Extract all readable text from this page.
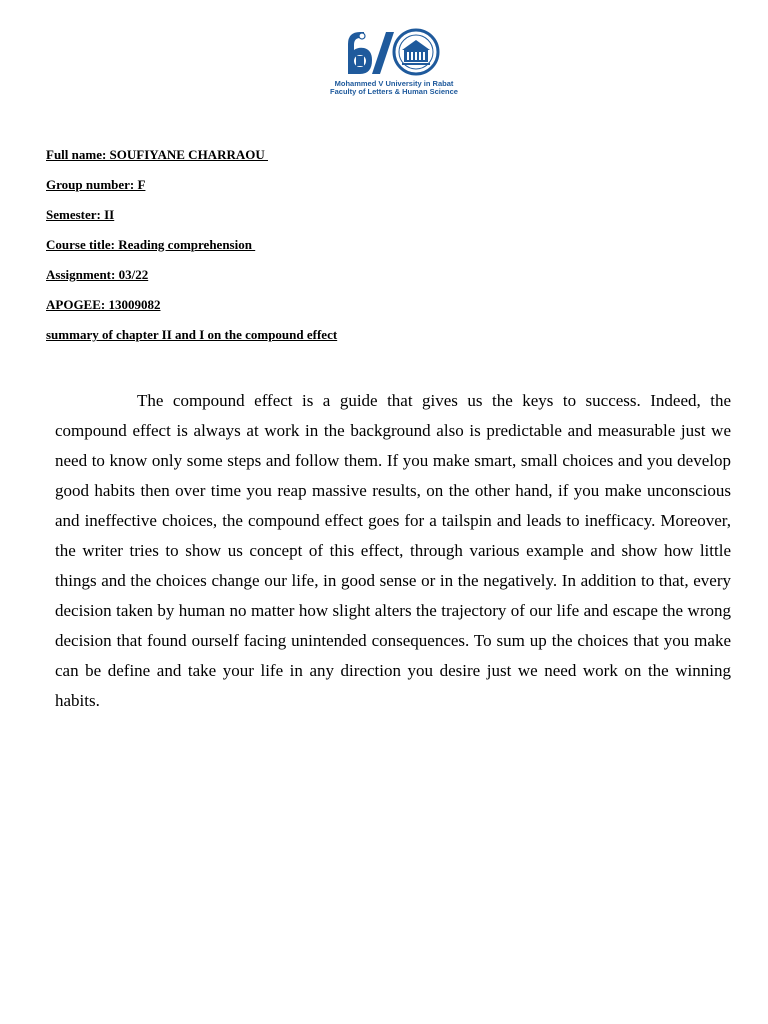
Mohammed V University in Rabat
Faculty of Letters & Human Science
Full name: SOUFIYANE CHARRAOU
Group number: F
Semester: II
Course title: Reading comprehension
Assignment: 03/22
APOGEE: 13009082
summary of chapter II and I on the compound effect

The compound effect is a guide that gives us the keys to success. Indeed, the compound effect is always at work in the background also is predictable and measurable just we need to know only some steps and follow them. If you make smart, small choices and you develop good habits then over time you reap massive results, on the other hand, if you make unconscious and ineffective choices, the compound effect goes for a tailspin and leads to inefficacy. Moreover, the writer tries to show us concept of this effect, through various example and show how little things and the choices change our life, in good sense or in the negatively. In addition to that, every decision taken by human no matter how slight alters the trajectory of our life and escape the wrong decision that found ourself facing unintended consequences. To sum up the choices that you make can be define and take your life in any direction you desire just we need work on the winning habits.
